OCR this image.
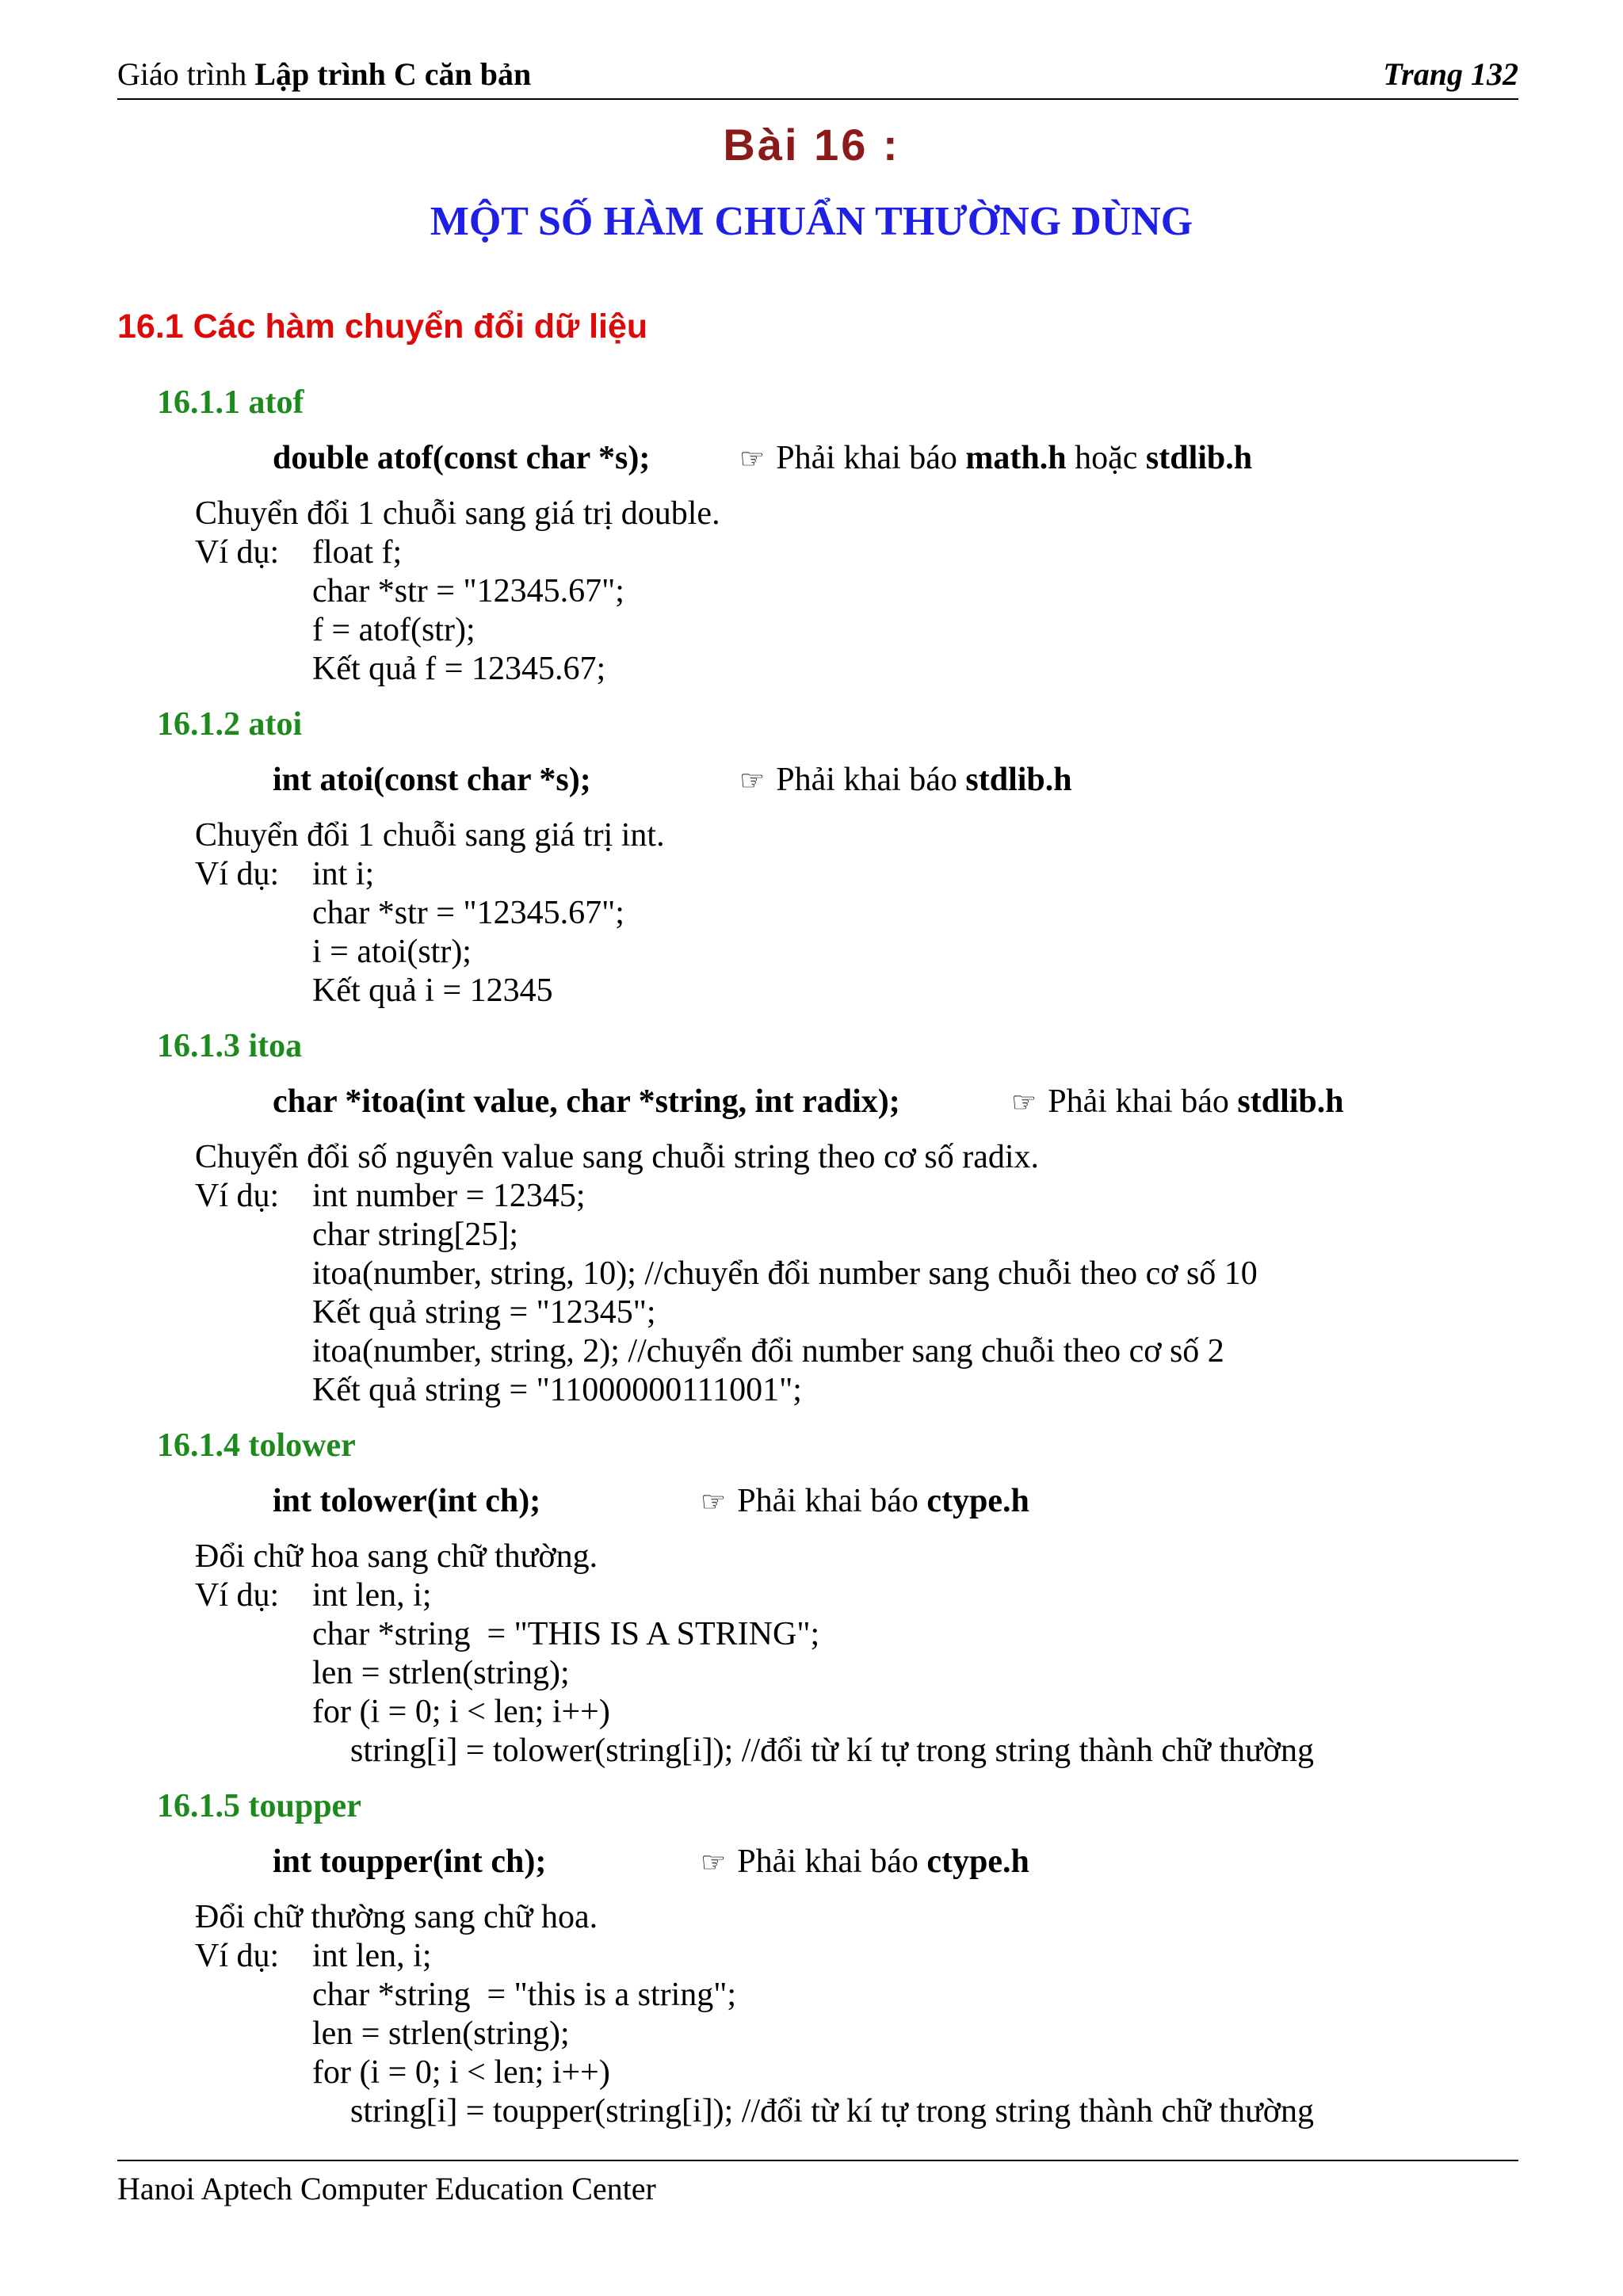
Giáo trình Lập trình C căn bản	Trang 132
Bài 16 :
MỘT SỐ HÀM CHUẨN THƯỜNG DÙNG
16.1 Các hàm chuyển đổi dữ liệu
16.1.1 atof
double atof(const char *s);	☞ Phải khai báo math.h hoặc stdlib.h
Chuyển đổi 1 chuỗi sang giá trị double.
Ví dụ: float f;
char *str = "12345.67";
f = atof(str);
Kết quả f = 12345.67;
16.1.2 atoi
int atoi(const char *s);	☞ Phải khai báo stdlib.h
Chuyển đổi 1 chuỗi sang giá trị int.
Ví dụ: int i;
char *str = "12345.67";
i = atoi(str);
Kết quả i = 12345
16.1.3 itoa
char *itoa(int value, char *string, int radix);	☞ Phải khai báo stdlib.h
Chuyển đổi số nguyên value sang chuỗi string theo cơ số radix.
Ví dụ: int number = 12345;
char string[25];
itoa(number, string, 10); //chuyển đổi number sang chuỗi theo cơ số 10
Kết quả string = "12345";
itoa(number, string, 2); //chuyển đổi number sang chuỗi theo cơ số 2
Kết quả string = "11000000111001";
16.1.4 tolower
int tolower(int ch);	☞ Phải khai báo ctype.h
Đổi chữ hoa sang chữ thường.
Ví dụ: int len, i;
char *string  = "THIS IS A STRING";
len = strlen(string);
for (i = 0; i < len; i++)
string[i] = tolower(string[i]); //đổi từ kí tự trong string thành chữ thường
16.1.5 toupper
int toupper(int ch);	☞ Phải khai báo ctype.h
Đổi chữ thường sang chữ hoa.
Ví dụ: int len, i;
char *string  = "this is a string";
len = strlen(string);
for (i = 0; i < len; i++)
string[i] = toupper(string[i]); //đổi từ kí tự trong string thành chữ thường
Hanoi Aptech Computer Education Center
